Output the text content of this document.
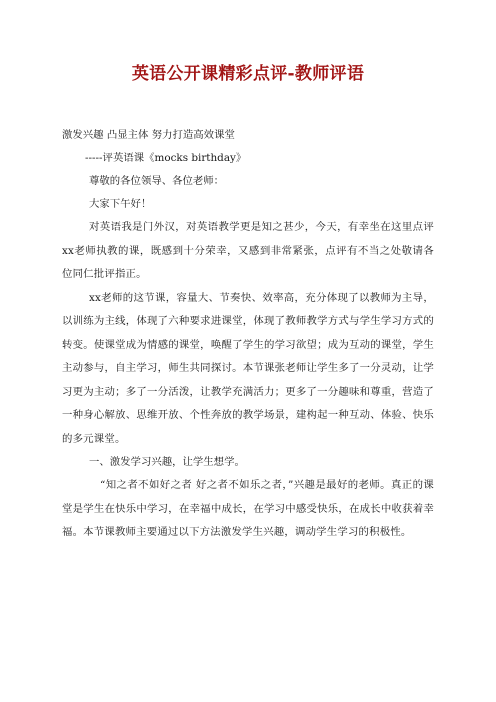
英语公开课精彩点评-教师评语

激发兴趣 凸显主体 努力打造高效课堂

-----评英语课《mocks birthday》

尊敬的各位领导、各位老师：

大家下午好！

对英语我是门外汉，对英语教学更是知之甚少，今天，有幸坐在这里点评xx老师执教的课，既感到十分荣幸，又感到非常紧张，点评有不当之处敬请各位同仁批评指正。

xx老师的这节课，容量大、节奏快、效率高，充分体现了以教师为主导，以训练为主线，体现了六种要求进课堂，体现了教师教学方式与学生学习方式的转变。使课堂成为情感的课堂，唤醒了学生的学习欲望；成为互动的课堂，学生主动参与，自主学习，师生共同探讨。本节课张老师让学生多了一分灵动，让学习更为主动；多了一分活泼，让教学充满活力；更多了一分趣味和尊重，营造了一种身心解放、思维开放、个性奔放的教学场景，建构起一种互动、体验、快乐的多元课堂。

一、激发学习兴趣，让学生想学。

“知之者不如好之者 好之者不如乐之者，”兴趣是最好的老师。真正的课堂是学生在快乐中学习，在幸福中成长，在学习中感受快乐，在成长中收获着幸福。本节课教师主要通过以下方法激发学生兴趣，调动学生学习的积极性。
